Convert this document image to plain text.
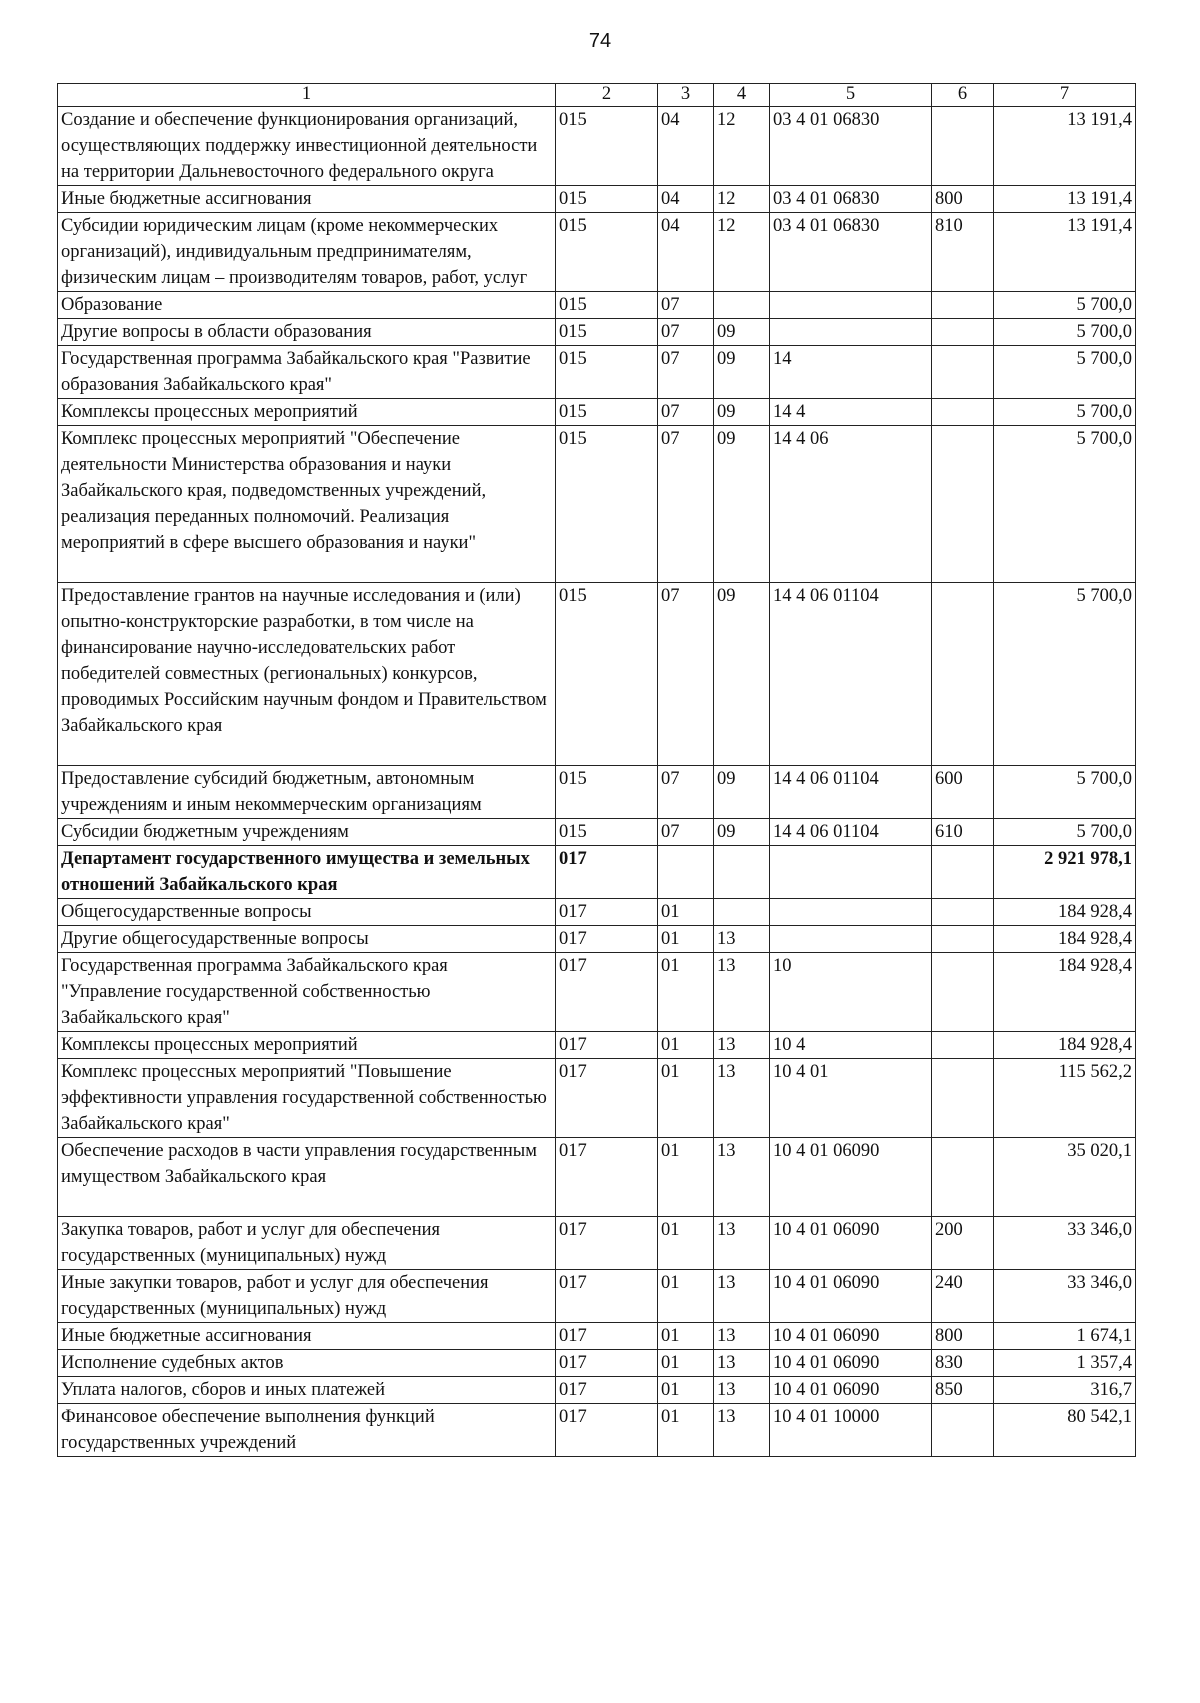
74
1	2	3	4	5	6	7
Создание и обеспечение функционирования организаций, осуществляющих поддержку инвестиционной деятельности на территории Дальневосточного федерального округа	015	04	12	03 4 01 06830		13 191,4
Иные бюджетные ассигнования	015	04	12	03 4 01 06830	800	13 191,4
Субсидии юридическим лицам (кроме некоммерческих организаций), индивидуальным предпринимателям, физическим лицам – производителям товаров, работ, услуг	015	04	12	03 4 01 06830	810	13 191,4
Образование	015	07				5 700,0
Другие вопросы в области образования	015	07	09			5 700,0
Государственная программа Забайкальского края "Развитие образования Забайкальского края"	015	07	09	14		5 700,0
Комплексы процессных мероприятий	015	07	09	14 4		5 700,0
Комплекс процессных мероприятий "Обеспечение деятельности Министерства образования и науки Забайкальского края, подведомственных учреждений, реализация переданных полномочий. Реализация мероприятий в сфере высшего образования и науки"	015	07	09	14 4 06		5 700,0
Предоставление грантов на научные исследования и (или) опытно-конструкторские разработки, в том числе на финансирование научно-исследовательских работ победителей совместных (региональных) конкурсов, проводимых Российским научным фондом и Правительством Забайкальского края	015	07	09	14 4 06 01104		5 700,0
Предоставление субсидий бюджетным, автономным учреждениям и иным некоммерческим организациям	015	07	09	14 4 06 01104	600	5 700,0
Субсидии бюджетным учреждениям	015	07	09	14 4 06 01104	610	5 700,0
Департамент государственного имущества и земельных отношений Забайкальского края	017					2 921 978,1
Общегосударственные вопросы	017	01				184 928,4
Другие общегосударственные вопросы	017	01	13			184 928,4
Государственная программа Забайкальского края "Управление государственной собственностью Забайкальского края"	017	01	13	10		184 928,4
Комплексы процессных мероприятий	017	01	13	10 4		184 928,4
Комплекс процессных мероприятий "Повышение эффективности управления государственной собственностью Забайкальского края"	017	01	13	10 4 01		115 562,2
Обеспечение расходов в части управления государственным имуществом Забайкальского края	017	01	13	10 4 01 06090		35 020,1
Закупка товаров, работ и услуг для обеспечения государственных (муниципальных) нужд	017	01	13	10 4 01 06090	200	33 346,0
Иные закупки товаров, работ и услуг для обеспечения государственных (муниципальных) нужд	017	01	13	10 4 01 06090	240	33 346,0
Иные бюджетные ассигнования	017	01	13	10 4 01 06090	800	1 674,1
Исполнение судебных актов	017	01	13	10 4 01 06090	830	1 357,4
Уплата налогов, сборов и иных платежей	017	01	13	10 4 01 06090	850	316,7
Финансовое обеспечение выполнения функций государственных учреждений	017	01	13	10 4 01 10000		80 542,1
